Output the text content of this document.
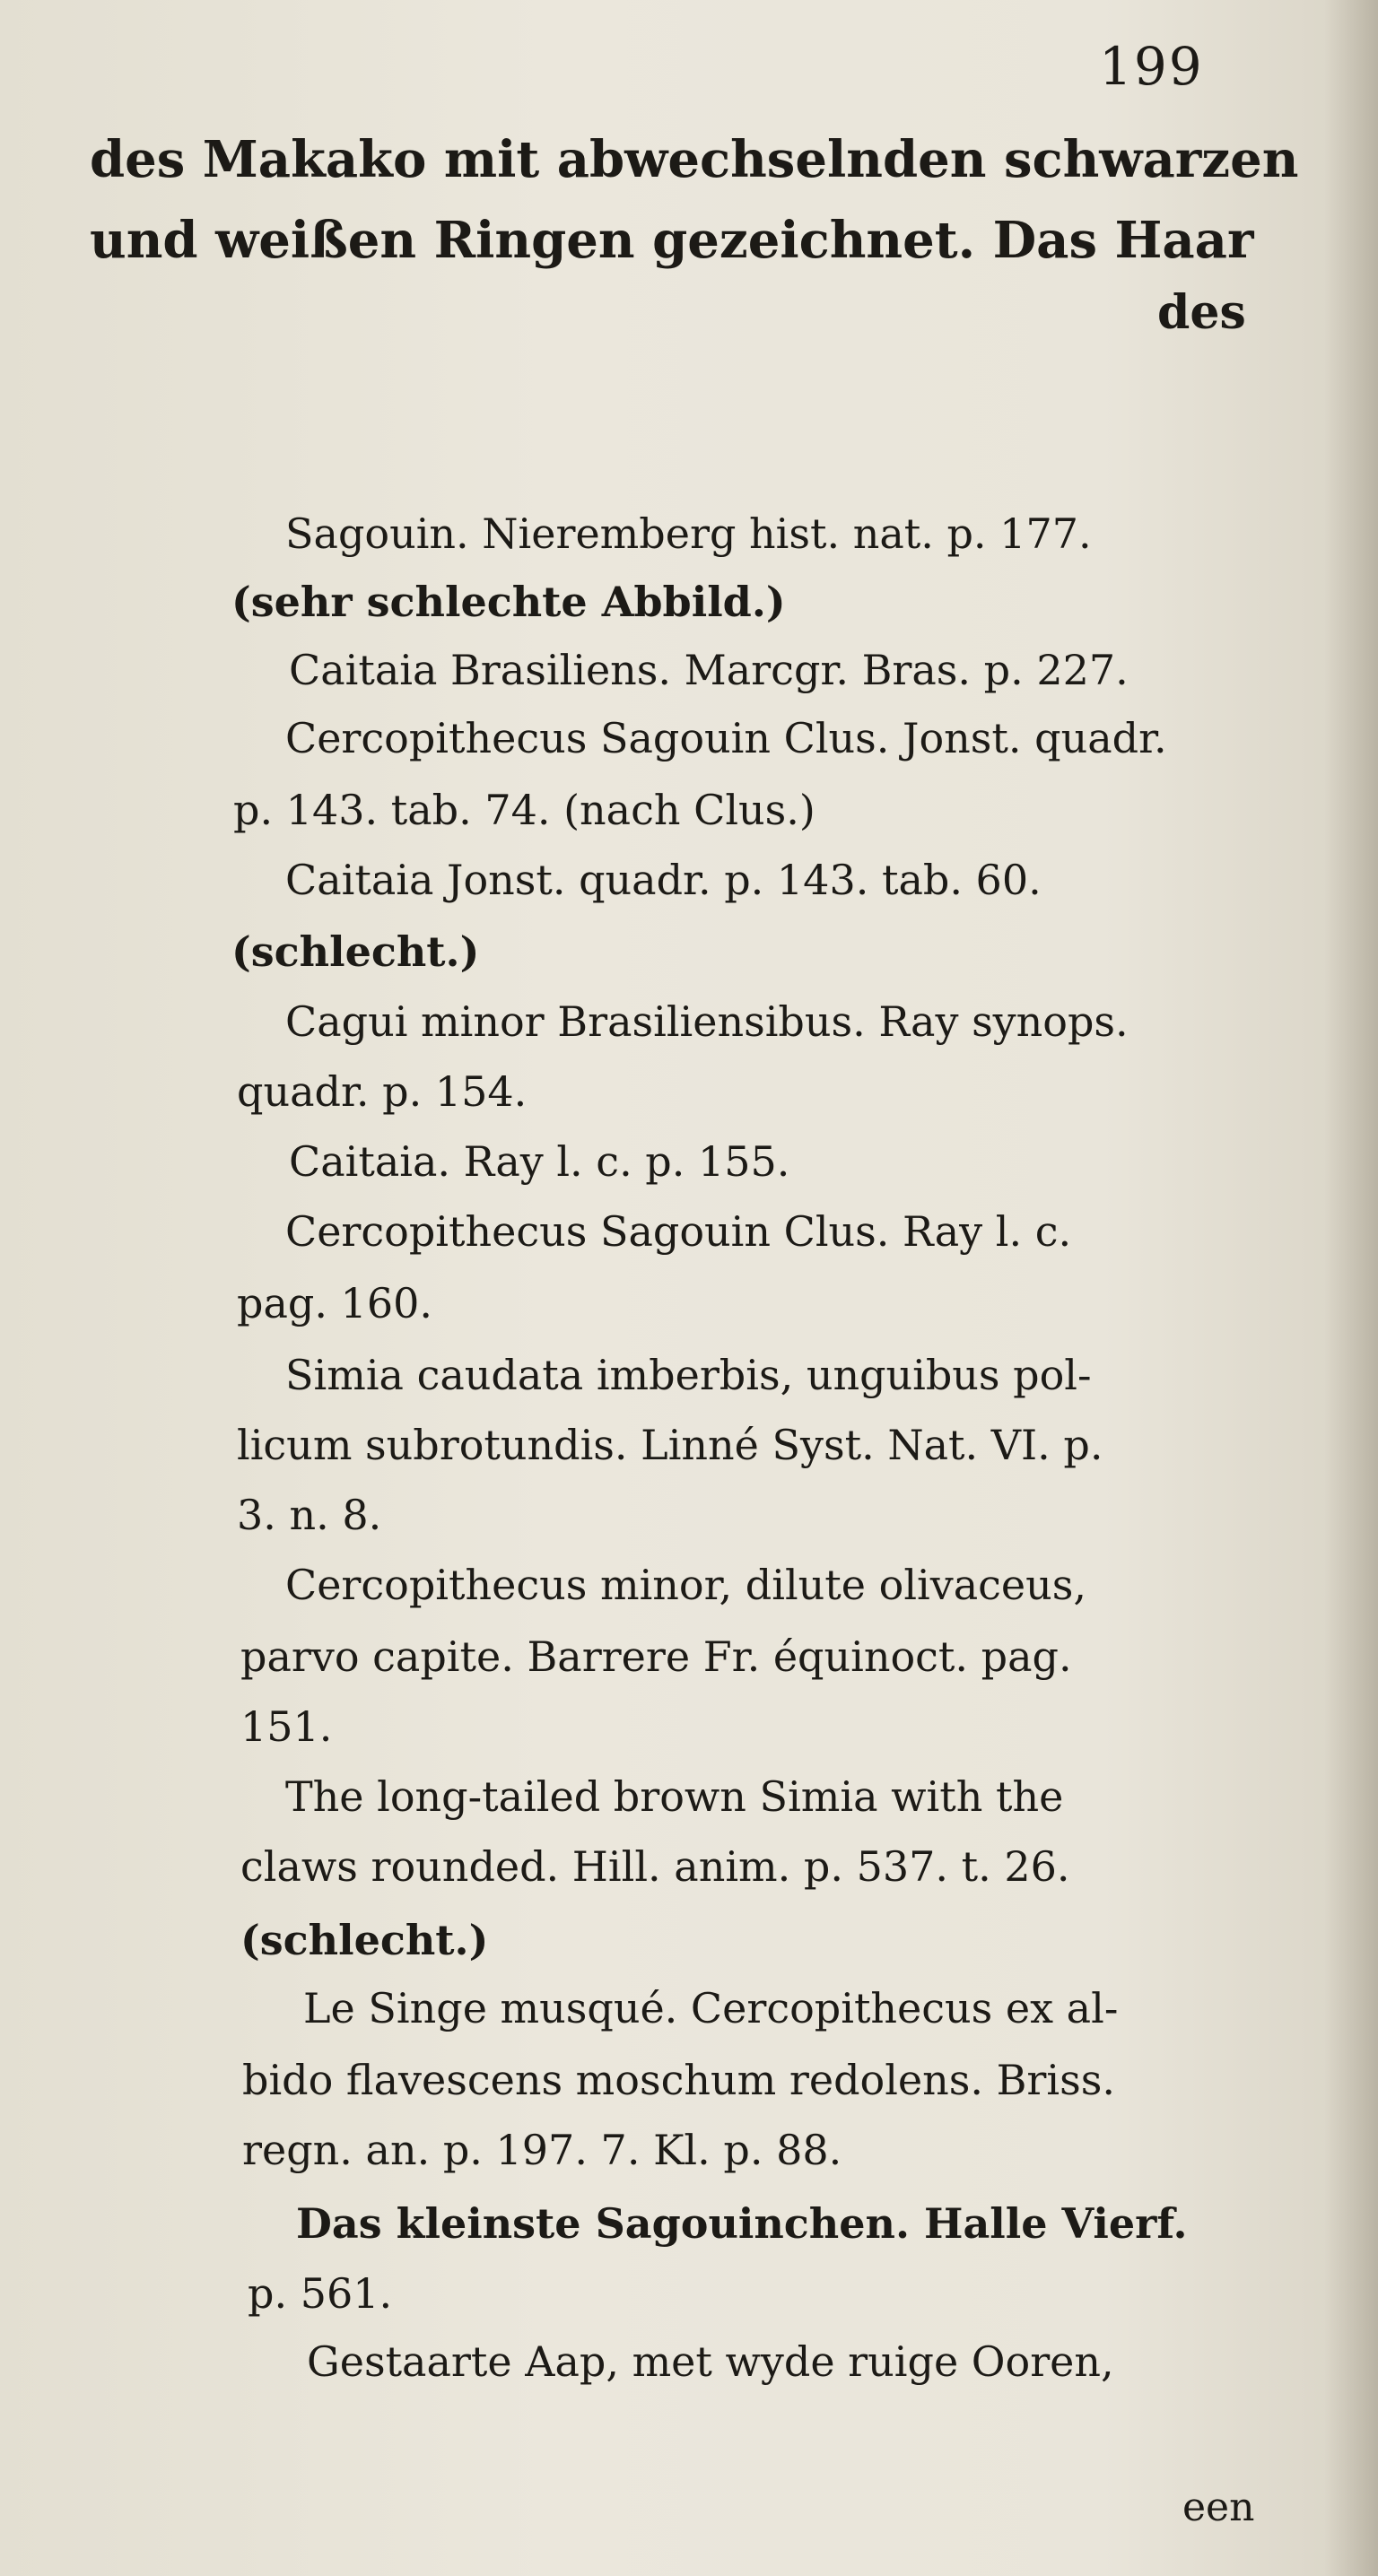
199
des Makako mit abwechselnden schwarzen
und weißen Ringen gezeichnet. Das Haar
des
Sagouin. Nieremberg hist. nat. p. 177.
(sehr schlechte Abbild.)
Caitaia Brasiliens. Marcgr. Bras. p. 227.
Cercopithecus Sagouin Clus. Jonst. quadr.
p. 143. tab. 74. (nach Clus.)
Caitaia Jonst. quadr. p. 143. tab. 60.
(schlecht.)
Cagui minor Brasiliensibus. Ray synops.
quadr. p. 154.
Caitaia. Ray l. c. p. 155.
Cercopithecus Sagouin Clus. Ray l. c.
pag. 160.
Simia caudata imberbis, unguibus pol-
licum subrotundis. Linné Syst. Nat. VI. p.
3. n. 8.
Cercopithecus minor, dilute olivaceus,
parvo capite. Barrere Fr. équinoct. pag.
151.
The long-tailed brown Simia with the
claws rounded. Hill. anim. p. 537. t. 26.
(schlecht.)
Le Singe musqué. Cercopithecus ex al-
bido flavescens moschum redolens. Briss.
regn. an. p. 197. 7. Kl. p. 88.
Das kleinste Sagouinchen. Halle Vierf.
p. 561.
Gestaarte Aap, met wyde ruige Ooren,
een
